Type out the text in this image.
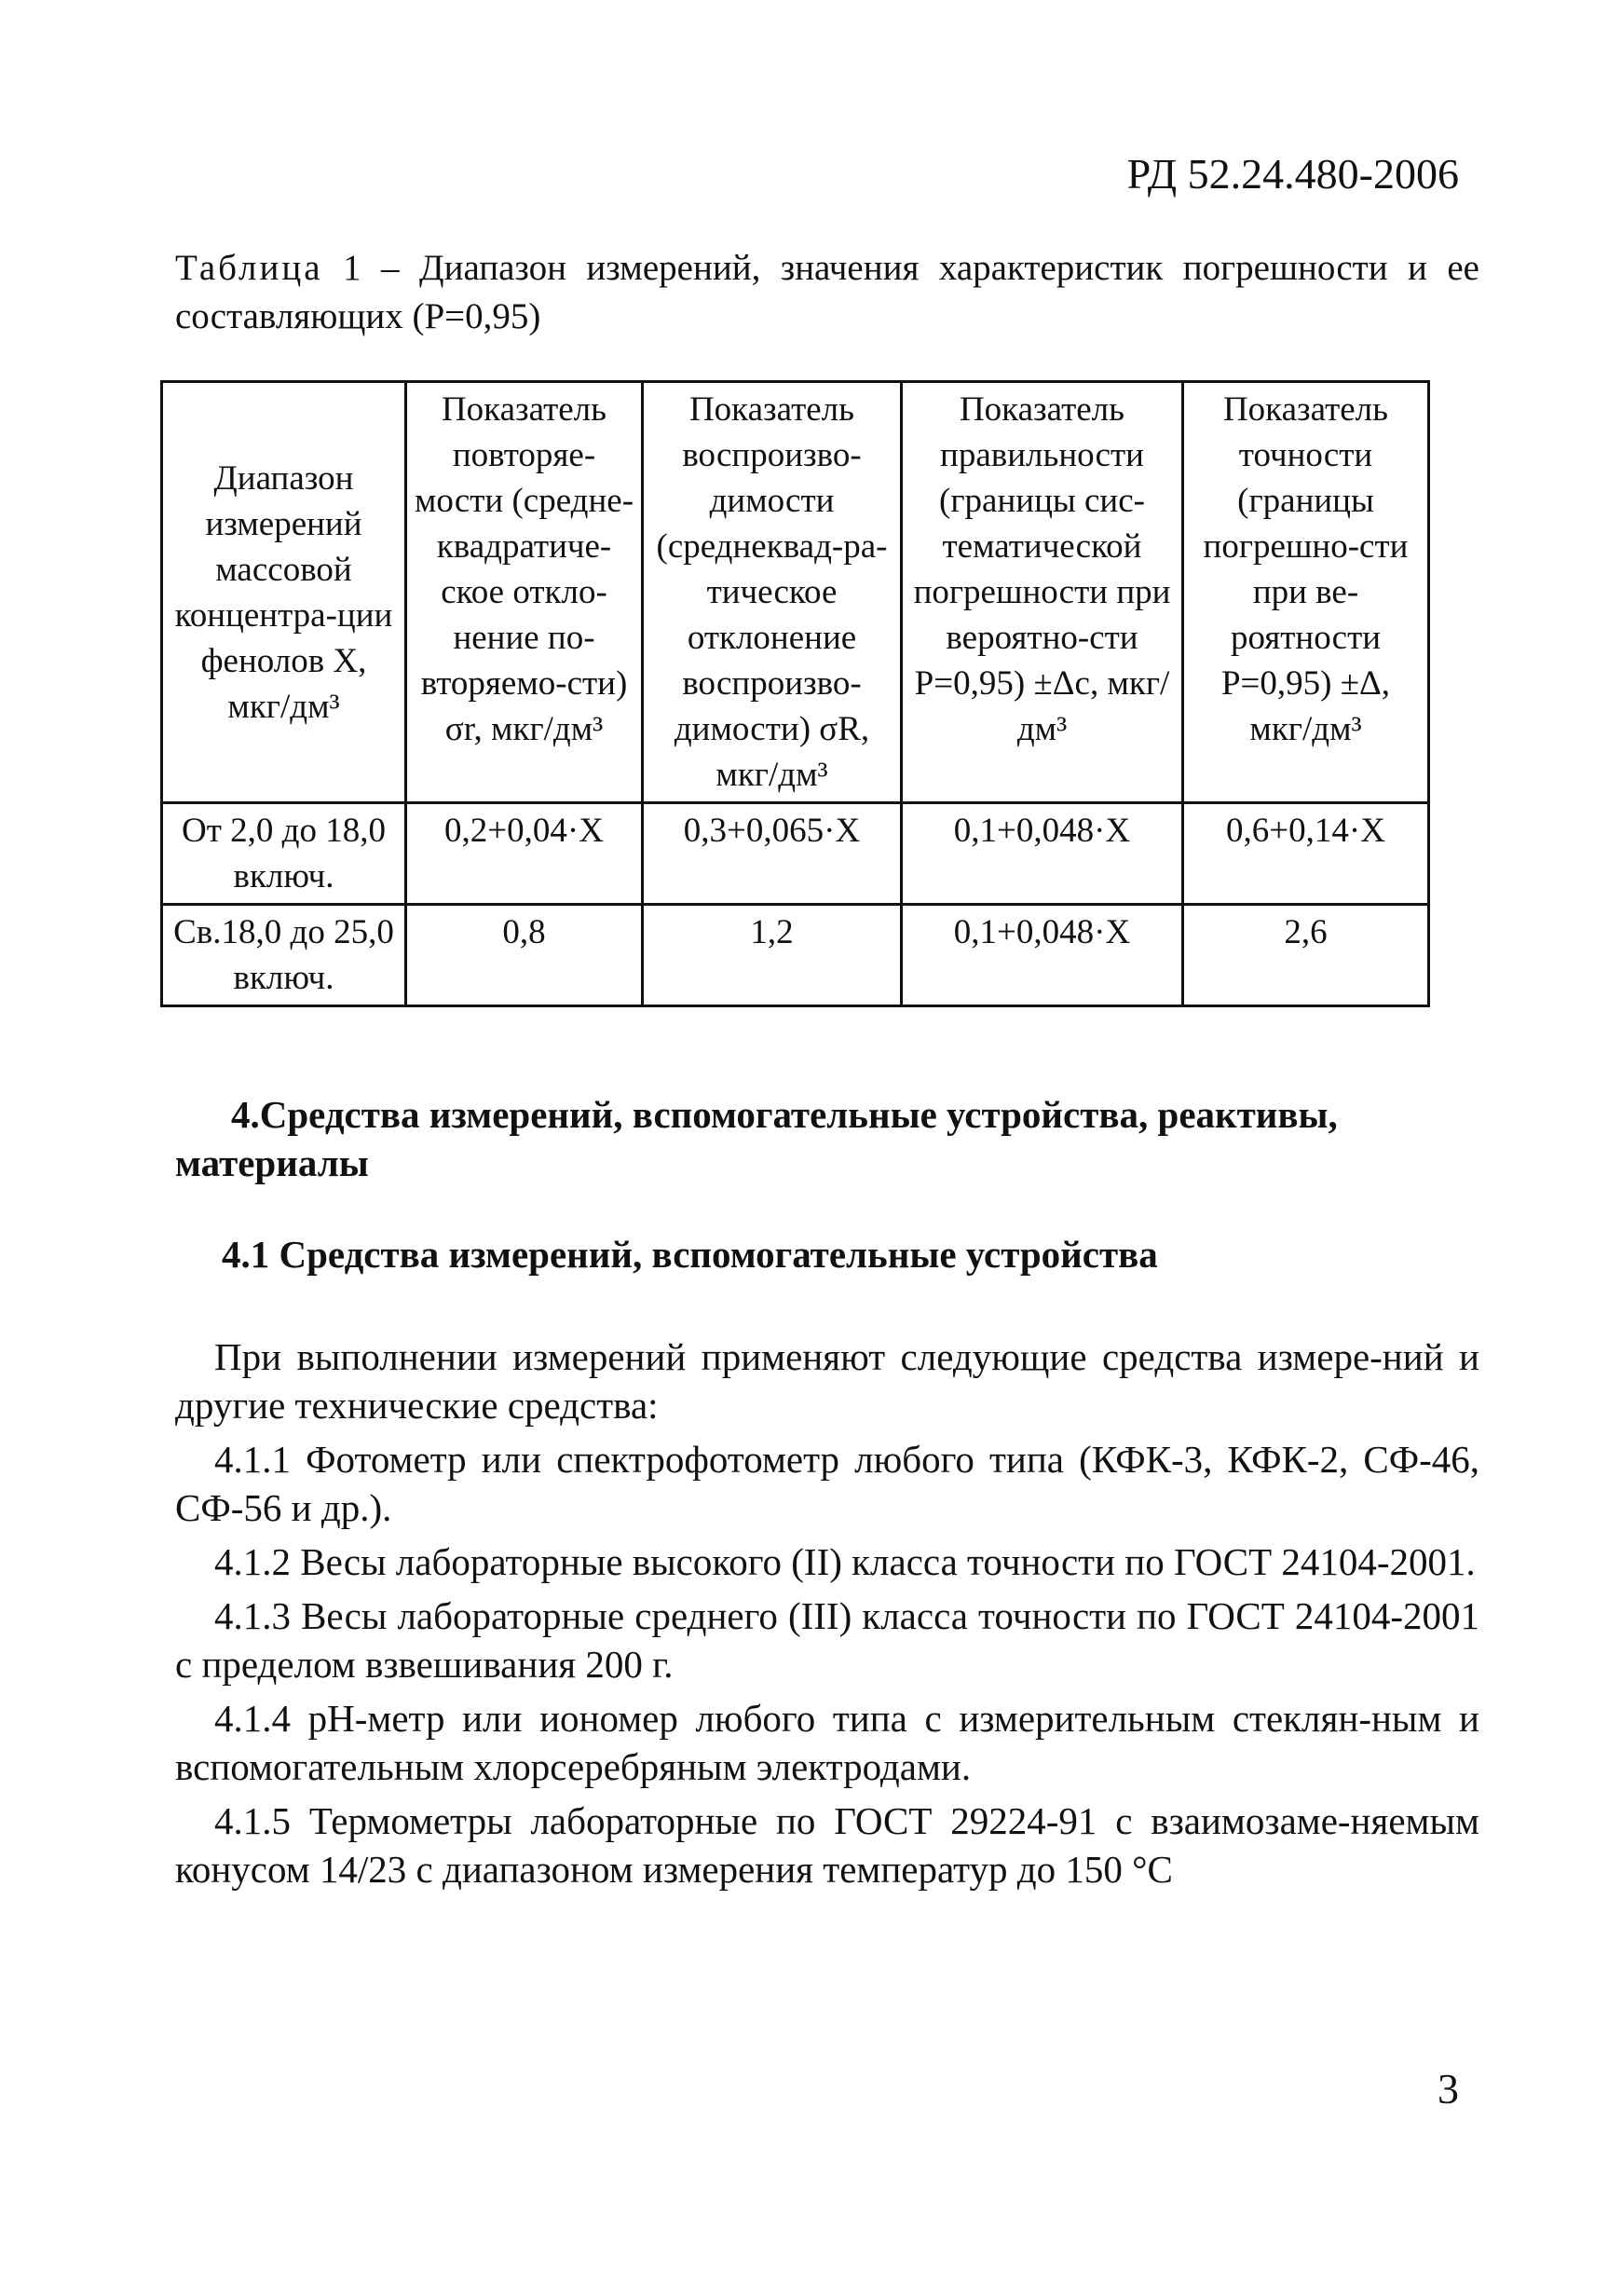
РД 52.24.480-2006
Таблица 1 – Диапазон измерений, значения характеристик погрешности и ее составляющих (P=0,95)
Диапазон измерений массовой концентра-ции фенолов X, мкг/дм³	Показатель повторяе-мости (средне-квадратиче-ское откло-нение по-вторяемо-сти) σr, мкг/дм³	Показатель воспроизво-димости (среднеквад-ра-тическое отклонение воспроизво-димости) σR, мкг/дм³	Показатель правильности (границы сис-тематической погрешности при вероятно-сти P=0,95) ±Δc, мкг/дм³	Показатель точности (границы погрешно-сти при ве-роятности P=0,95) ±Δ, мкг/дм³
От 2,0 до 18,0 включ.	0,2+0,04·X	0,3+0,065·X	0,1+0,048·X	0,6+0,14·X
Св.18,0 до 25,0 включ.	0,8	1,2	0,1+0,048·X	2,6
4.Средства измерений, вспомогательные устройства, реактивы, материалы
4.1 Средства измерений, вспомогательные устройства

При выполнении измерений применяют следующие средства измере-ний и другие технические средства:

4.1.1 Фотометр или спектрофотометр любого типа (КФК-3, КФК-2, СФ-46, СФ-56 и др.).

4.1.2 Весы лабораторные высокого (II) класса точности по ГОСТ 24104-2001.

4.1.3 Весы лабораторные среднего (III) класса точности по ГОСТ 24104-2001 с пределом взвешивания 200 г.

4.1.4 pH-метр или иономер любого типа с измерительным стеклян-ным и вспомогательным хлорсеребряным электродами.

4.1.5 Термометры лабораторные по ГОСТ 29224-91 с взаимозаме-няемым конусом 14/23 с диапазоном измерения температур до 150 °С

3
